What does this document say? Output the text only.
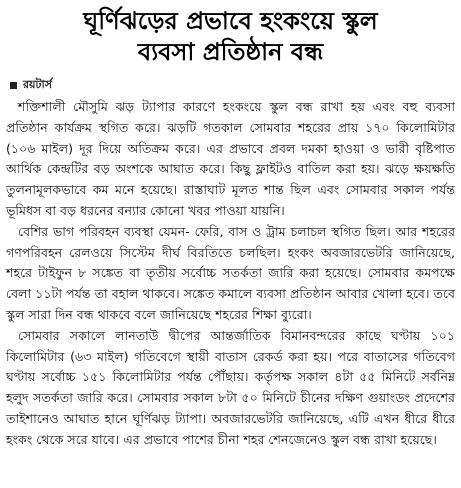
ঘূর্ণিঝড়ের প্রভাবে হংকংয়ে স্কুল
ব্যবসা প্রতিষ্ঠান বন্ধ
রয়টার্স

শক্তিশালী মৌসুমি ঝড় ট্যাপার কারণে হংকংয়ে স্কুল বন্ধ রাখা হয় এবং বহু ব্যবসা প্রতিষ্ঠান কার্যক্রম স্থগিত করে। ঝড়টি গতকাল সোমবার শহরের প্রায় ১৭০ কিলোমিটার (১০৬ মাইল) দূর দিয়ে অতিক্রম করে। এর প্রভাবে প্রবল দমকা হাওয়া ও ভারী বৃষ্টিপাত আর্থিক কেন্দ্রটির বড় অংশকে আঘাত করে। কিছু ফ্লাইটও বাতিল করা হয়। ঝড়ে ক্ষয়ক্ষতি তুলনামূলকভাবে কম মনে হয়েছে। রাস্তাঘাট মূলত শান্ত ছিল এবং সোমবার সকাল পর্যন্ত ভূমিধস বা বড় ধরনের বন্যার কোনো খবর পাওয়া যায়নি।

বেশির ভাগ পরিবহন ব্যবস্থা যেমন- ফেরি, বাস ও ট্রাম চলাচল স্থগিত ছিল। আর শহরের গণপরিবহন রেলওয়ে সিস্টেম দীর্ঘ বিরতিতে চলছিল। হংকং অবজারভেটরি জানিয়েছে, শহরে টাইফুন ৮ সঙ্কেত বা তৃতীয় সর্বোচ্চ সতর্কতা জারি করা হয়েছে। সোমবার কমপক্ষে বেলা ১১টা পর্যন্ত তা বহাল থাকবে। সঙ্কেত কমালে ব্যবসা প্রতিষ্ঠান আবার খোলা হবে। তবে স্কুল সারা দিন বন্ধ থাকবে বলে জানিয়েছে শহরের শিক্ষা ব্যুরো।

সোমবার সকালে লানতাউ দ্বীপের আন্তর্জাতিক বিমানবন্দরের কাছে ঘণ্টায় ১০১ কিলোমিটার (৬৩ মাইল) গতিবেগে স্থায়ী বাতাস রেকর্ড করা হয়। পরে বাতাসের গতিবেগ ঘণ্টায় সর্বোচ্চ ১৫১ কিলোমিটার পর্যন্ত পৌঁছায়। কর্তৃপক্ষ সকাল ৪টা ৫৫ মিনিটে সর্বনিম্ন হলুদ সতর্কতা জারি করে। সোমবার সকাল ৮টা ৫০ মিনিটে চীনের দক্ষিণ গুয়াংডং প্রদেশের তাইশানেও আঘাত হানে ঘূর্ণিঝড় ট্যাপা। অবজারভেটরি জানিয়েছে, এটি এখন ধীরে ধীরে হংকং থেকে সরে যাবে। এর প্রভাবে পাশের চীনা শহর শেনজেনেও স্কুল বন্ধ রাখা হয়েছে।
